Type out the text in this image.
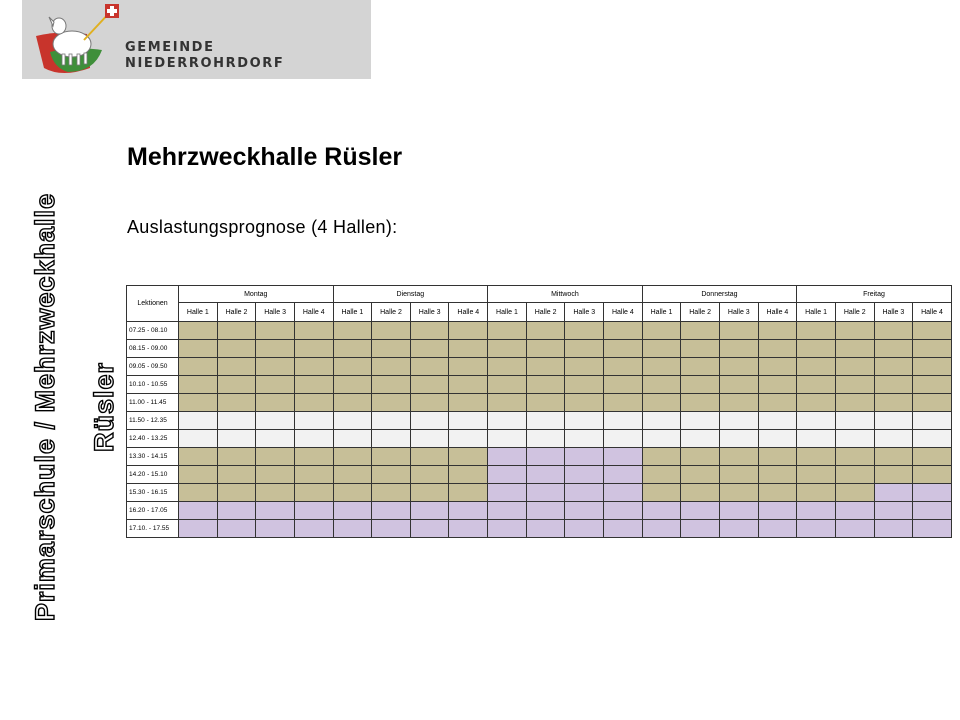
GEMEINDE
NIEDERROHRDORF
Primarschule / Mehrzweckhalle Rüsler
Mehrzweckhalle Rüsler

Auslastungsprognose (4 Hallen):

Lektionen	Montag				Dienstag				Mittwoch				Donnerstag				Freitag			
	Halle 1	Halle 2	Halle 3	Halle 4	Halle 1	Halle 2	Halle 3	Halle 4	Halle 1	Halle 2	Halle 3	Halle 4	Halle 1	Halle 2	Halle 3	Halle 4	Halle 1	Halle 2	Halle 3	Halle 4
07.25 - 08.10																				
08.15 - 09.00																				
09.05 - 09.50																				
10.10 - 10.55																				
11.00 - 11.45																				
11.50 - 12.35																				
12.40 - 13.25																				
13.30 - 14.15																				
14.20 - 15.10																				
15.30 - 16.15																				
16.20 - 17.05																				
17.10. - 17.55																				
